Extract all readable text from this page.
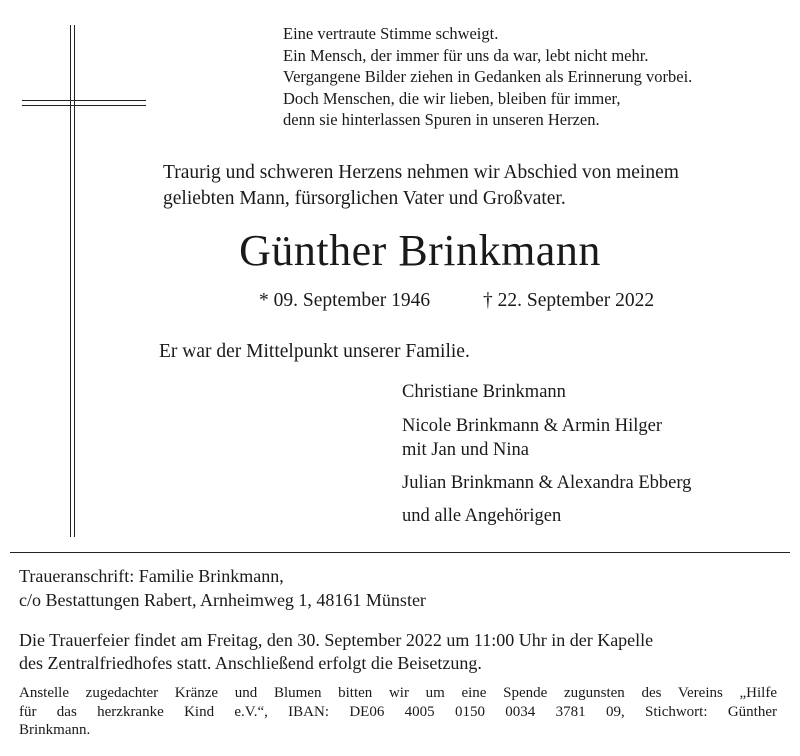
Eine vertraute Stimme schweigt.
Ein Mensch, der immer für uns da war, lebt nicht mehr.
Vergangene Bilder ziehen in Gedanken als Erinnerung vorbei.
Doch Menschen, die wir lieben, bleiben für immer,
denn sie hinterlassen Spuren in unseren Herzen.
Traurig und schweren Herzens nehmen wir Abschied von meinem
geliebten Mann, fürsorglichen Vater und Großvater.
Günther Brinkmann
* 09. September 1946	† 22. September 2022
Er war der Mittelpunkt unserer Familie.
Christiane Brinkmann
Nicole Brinkmann & Armin Hilger
mit Jan und Nina
Julian Brinkmann & Alexandra Ebberg
und alle Angehörigen
Traueranschrift: Familie Brinkmann,
c/o Bestattungen Rabert, Arnheimweg 1, 48161 Münster
Die Trauerfeier findet am Freitag, den 30. September 2022 um 11:00 Uhr in der Kapelle
des Zentralfriedhofes statt. Anschließend erfolgt die Beisetzung.
Anstelle zugedachter Kränze und Blumen bitten wir um eine Spende zugunsten des Vereins „Hilfe
für das herzkranke Kind e.V.“, IBAN: DE06 4005 0150 0034 3781 09, Stichwort: Günther
Brinkmann.
